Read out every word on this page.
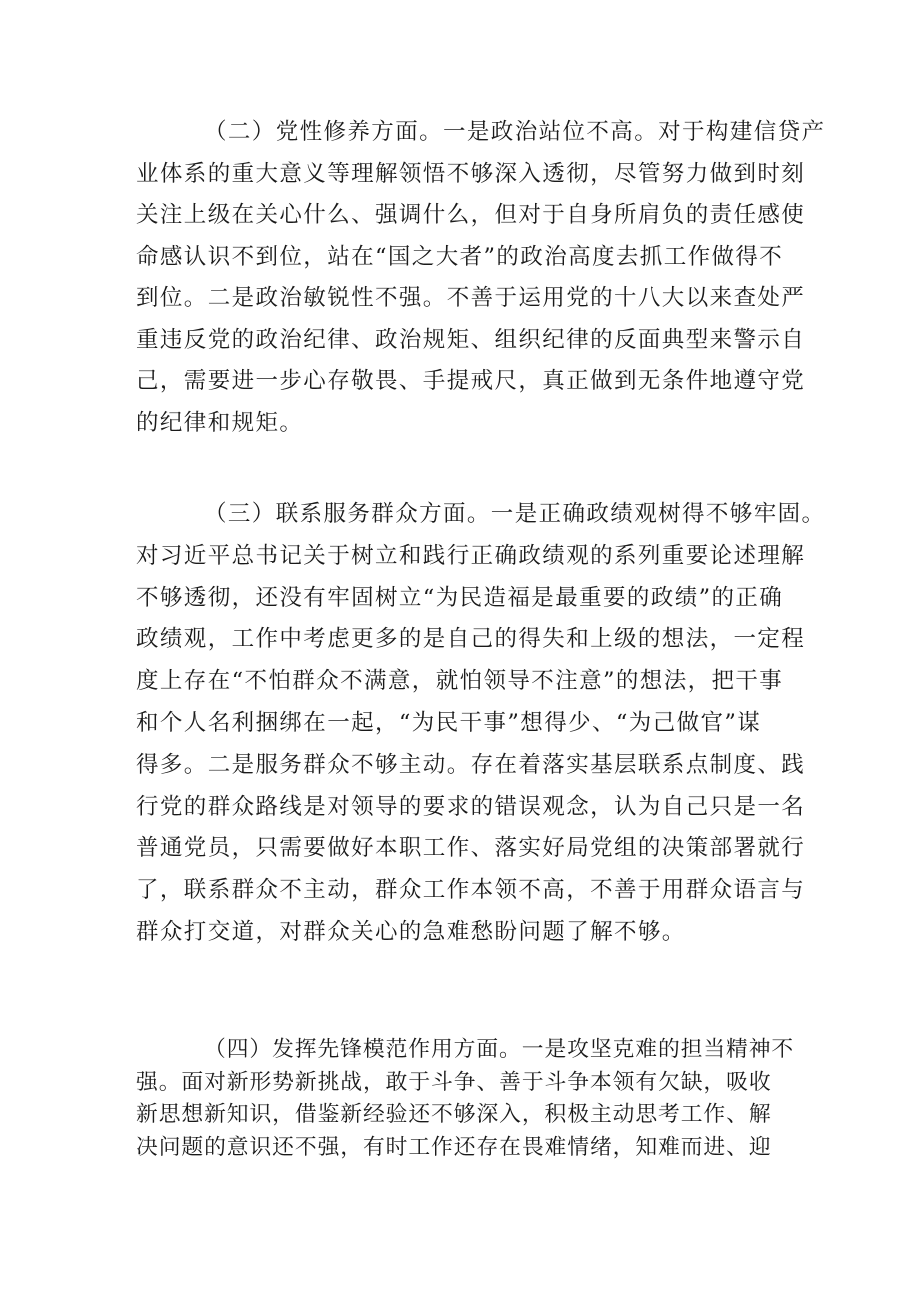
（二）党性修养方面。一是政治站位不高。对于构建信贷产
业体系的重大意义等理解领悟不够深入透彻，尽管努力做到时刻
关注上级在关心什么、强调什么，但对于自身所肩负的责任感使
命感认识不到位，站在“国之大者”的政治高度去抓工作做得不
到位。二是政治敏锐性不强。不善于运用党的十八大以来查处严
重违反党的政治纪律、政治规矩、组织纪律的反面典型来警示自
己，需要进一步心存敬畏、手提戒尺，真正做到无条件地遵守党
的纪律和规矩。
（三）联系服务群众方面。一是正确政绩观树得不够牢固。
对习近平总书记关于树立和践行正确政绩观的系列重要论述理解
不够透彻，还没有牢固树立“为民造福是最重要的政绩”的正确
政绩观，工作中考虑更多的是自己的得失和上级的想法，一定程
度上存在“不怕群众不满意，就怕领导不注意”的想法，把干事
和个人名利捆绑在一起，“为民干事”想得少、“为己做官”谋
得多。二是服务群众不够主动。存在着落实基层联系点制度、践
行党的群众路线是对领导的要求的错误观念，认为自己只是一名
普通党员，只需要做好本职工作、落实好局党组的决策部署就行
了，联系群众不主动，群众工作本领不高，不善于用群众语言与
群众打交道，对群众关心的急难愁盼问题了解不够。
（四）发挥先锋模范作用方面。一是攻坚克难的担当精神不
强。面对新形势新挑战，敢于斗争、善于斗争本领有欠缺，吸收
新思想新知识，借鉴新经验还不够深入，积极主动思考工作、解
决问题的意识还不强，有时工作还存在畏难情绪，知难而进、迎
